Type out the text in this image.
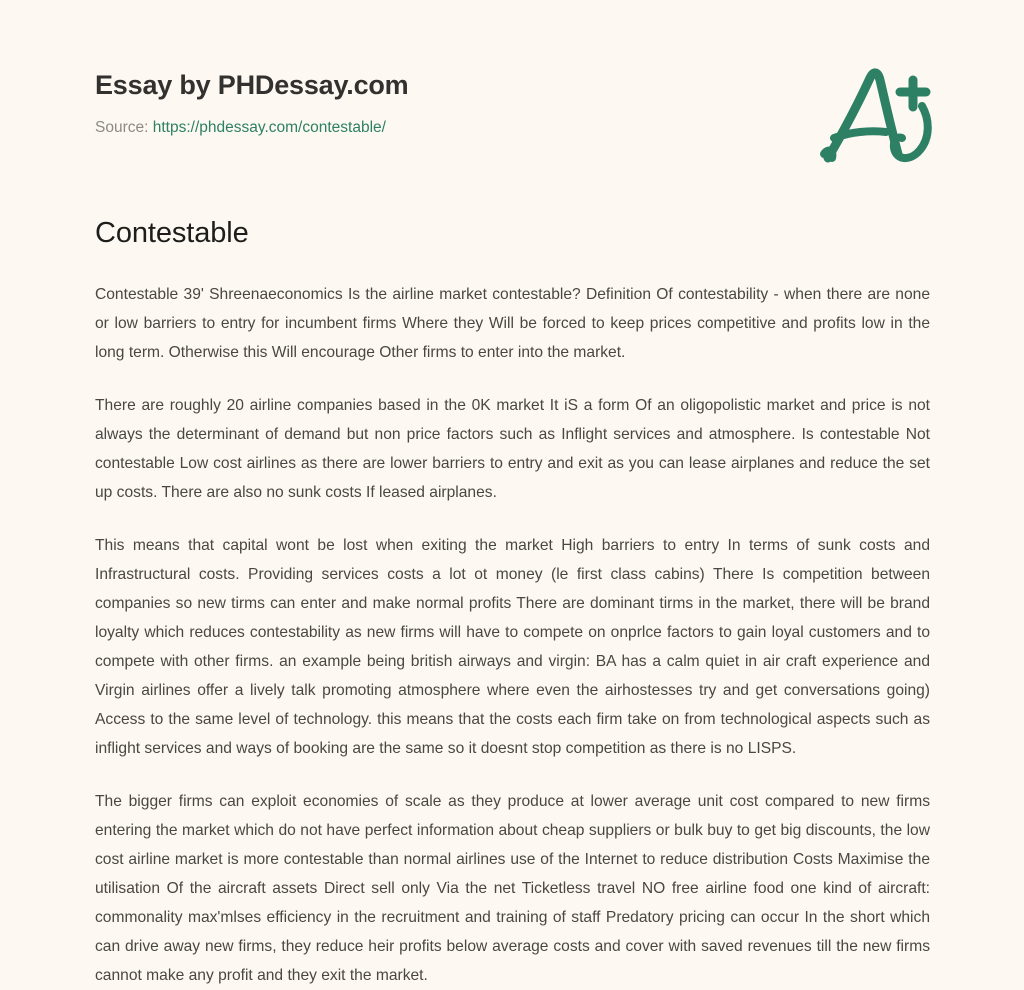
Essay by PHDessay.com
Source: https://phdessay.com/contestable/
Contestable

Contestable 39' Shreenaeconomics Is the airline market contestable? Definition Of contestability - when there are none or low barriers to entry for incumbent firms Where they Will be forced to keep prices competitive and profits low in the long term. Otherwise this Will encourage Other firms to enter into the market.

There are roughly 20 airline companies based in the 0K market It iS a form Of an oligopolistic market and price is not always the determinant of demand but non price factors such as Inflight services and atmosphere. Is contestable Not contestable Low cost airlines as there are lower barriers to entry and exit as you can lease airplanes and reduce the set up costs. There are also no sunk costs If leased airplanes.

This means that capital wont be lost when exiting the market High barriers to entry In terms of sunk costs and Infrastructural costs. Providing services costs a lot ot money (le first class cabins) There Is competition between companies so new tirms can enter and make normal profits There are dominant tirms in the market, there will be brand loyalty which reduces contestability as new firms will have to compete on onprlce factors to gain loyal customers and to compete with other firms. an example being british airways and virgin: BA has a calm quiet in air craft experience and Virgin airlines offer a lively talk promoting atmosphere where even the airhostesses try and get conversations going) Access to the same level of technology. this means that the costs each firm take on from technological aspects such as inflight services and ways of booking are the same so it doesnt stop competition as there is no LISPS.

The bigger firms can exploit economies of scale as they produce at lower average unit cost compared to new firms entering the market which do not have perfect information about cheap suppliers or bulk buy to get big discounts, the low cost airline market is more contestable than normal airlines use of the Internet to reduce distribution Costs Maximise the utilisation Of the aircraft assets Direct sell only Via the net Ticketless travel NO free airline food one kind of aircraft: commonality max'mlses efficiency in the recruitment and training of staff Predatory pricing can occur In the short which can drive away new firms, they reduce heir profits below average costs and cover with saved revenues till the new firms cannot make any profit and they exit the market.
